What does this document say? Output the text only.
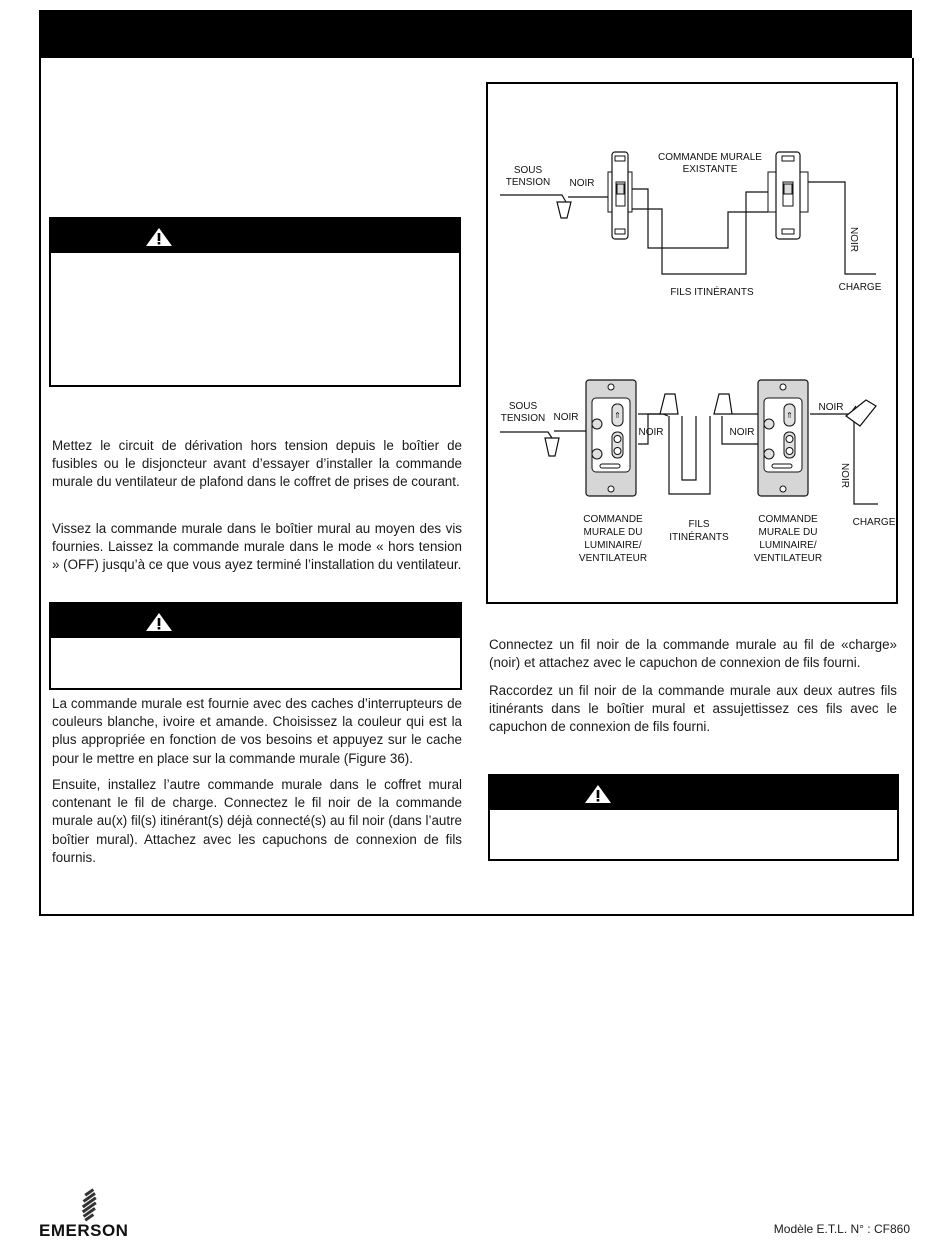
Mettez le circuit de dérivation hors tension depuis le boîtier de fusibles ou le disjoncteur avant d’essayer d’installer la commande murale du ventilateur de plafond dans le coffret de prises de courant.

Vissez la commande murale dans le boîtier mural au moyen des vis fournies. Laissez la commande murale dans le mode « hors tension » (OFF) jusqu’à ce que vous ayez terminé l’installation du ventilateur.

La commande murale est fournie avec des caches d’interrupteurs de couleurs blanche, ivoire et amande. Choisissez la couleur qui est la plus appropriée en fonction de vos besoins et appuyez sur le cache pour le mettre en place sur la commande murale (Figure 36).

Ensuite, installez l’autre commande murale dans le coffret mural contenant le fil de charge. Connectez le fil noir de la commande murale au(x) fil(s) itinérant(s) déjà connecté(s) au fil noir (dans l’autre boîtier mural). Attachez avec les capuchons de connexion de fils fournis.

SOUS
TENSION NOIR
COMMANDE MURALE
EXISTANTE
FILS ITINÉRANTS	CHARGE
NOIR
SOUS
TENSION NOIR
NOIR	NOIR
NOIR
NOIR
CHARGE
COMMANDE
MURALE DU
LUMINAIRE/
VENTILATEUR
FILS
ITINÉRANTS
COMMANDE
MURALE DU
LUMINAIRE/
VENTILATEUR
⇑	⇑

Connectez un fil noir de la commande murale au fil de «charge» (noir) et attachez avec le capuchon de connexion de fils fourni.

Raccordez un fil noir de la commande murale aux deux autres fils itinérants dans le boîtier mural et assujettissez ces fils avec le capuchon de connexion de fils fourni.

EMERSON	Modèle E.T.L. N° : CF860
